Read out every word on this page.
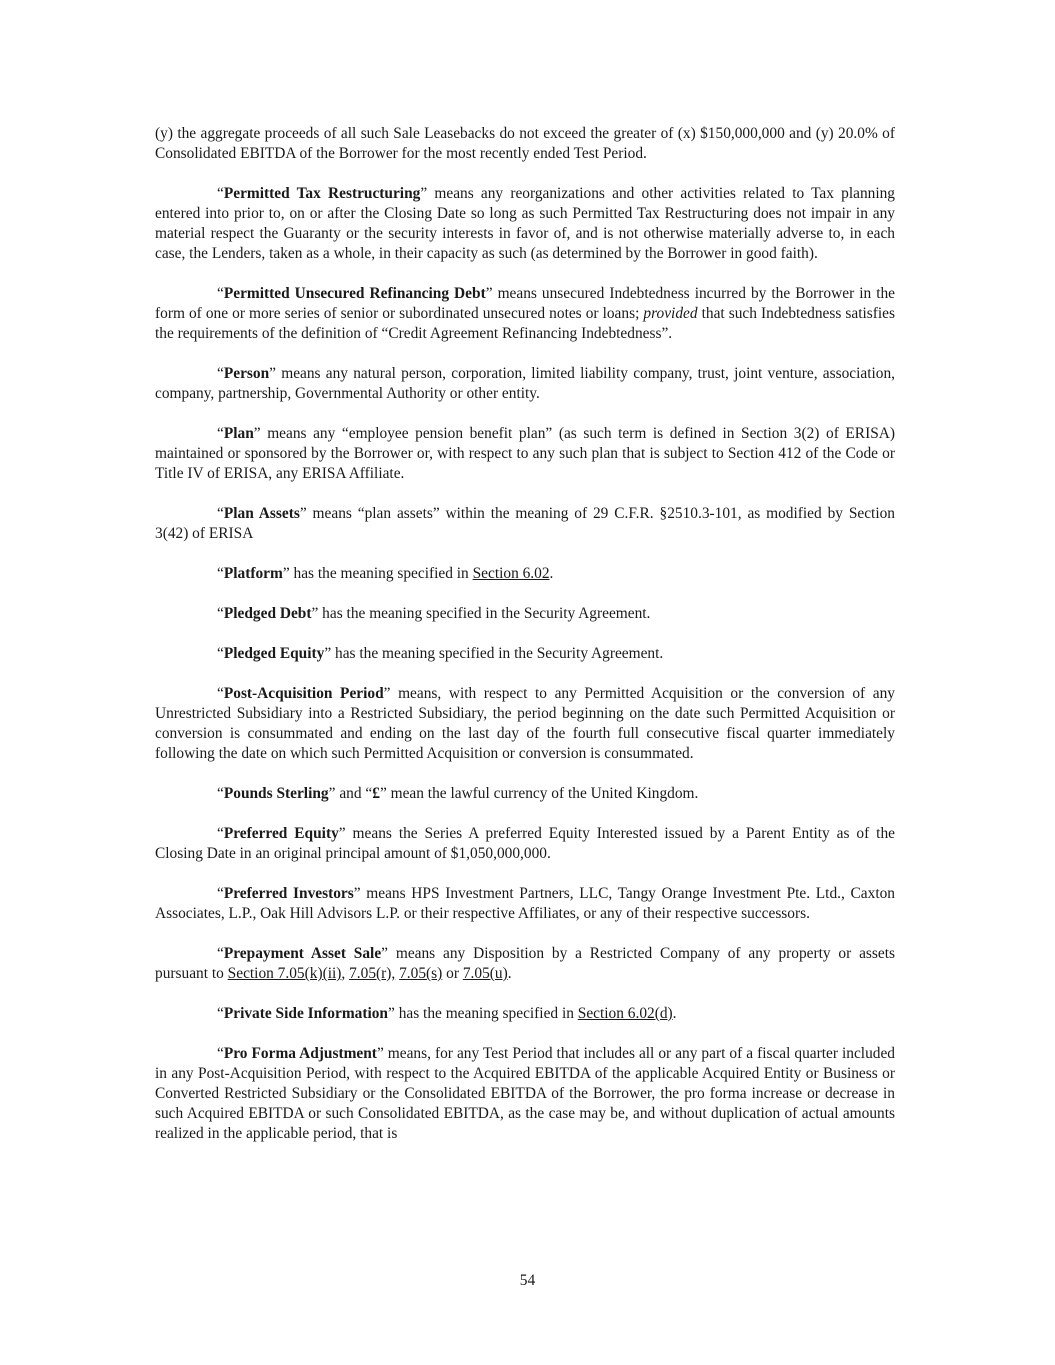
(y) the aggregate proceeds of all such Sale Leasebacks do not exceed the greater of (x) $150,000,000 and (y) 20.0% of Consolidated EBITDA of the Borrower for the most recently ended Test Period.

“Permitted Tax Restructuring” means any reorganizations and other activities related to Tax planning entered into prior to, on or after the Closing Date so long as such Permitted Tax Restructuring does not impair in any material respect the Guaranty or the security interests in favor of, and is not otherwise materially adverse to, in each case, the Lenders, taken as a whole, in their capacity as such (as determined by the Borrower in good faith).

“Permitted Unsecured Refinancing Debt” means unsecured Indebtedness incurred by the Borrower in the form of one or more series of senior or subordinated unsecured notes or loans; provided that such Indebtedness satisfies the requirements of the definition of “Credit Agreement Refinancing Indebtedness”.

“Person” means any natural person, corporation, limited liability company, trust, joint venture, association, company, partnership, Governmental Authority or other entity.

“Plan” means any “employee pension benefit plan” (as such term is defined in Section 3(2) of ERISA) maintained or sponsored by the Borrower or, with respect to any such plan that is subject to Section 412 of the Code or Title IV of ERISA, any ERISA Affiliate.

“Plan Assets” means “plan assets” within the meaning of 29 C.F.R. §2510.3-101, as modified by Section 3(42) of ERISA

“Platform” has the meaning specified in Section 6.02.

“Pledged Debt” has the meaning specified in the Security Agreement.

“Pledged Equity” has the meaning specified in the Security Agreement.

“Post-Acquisition Period” means, with respect to any Permitted Acquisition or the conversion of any Unrestricted Subsidiary into a Restricted Subsidiary, the period beginning on the date such Permitted Acquisition or conversion is consummated and ending on the last day of the fourth full consecutive fiscal quarter immediately following the date on which such Permitted Acquisition or conversion is consummated.

“Pounds Sterling” and “£” mean the lawful currency of the United Kingdom.

“Preferred Equity” means the Series A preferred Equity Interested issued by a Parent Entity as of the Closing Date in an original principal amount of $1,050,000,000.

“Preferred Investors” means HPS Investment Partners, LLC, Tangy Orange Investment Pte. Ltd., Caxton Associates, L.P., Oak Hill Advisors L.P. or their respective Affiliates, or any of their respective successors.

“Prepayment Asset Sale” means any Disposition by a Restricted Company of any property or assets pursuant to Section 7.05(k)(ii), 7.05(r), 7.05(s) or 7.05(u).

“Private Side Information” has the meaning specified in Section 6.02(d).

“Pro Forma Adjustment” means, for any Test Period that includes all or any part of a fiscal quarter included in any Post-Acquisition Period, with respect to the Acquired EBITDA of the applicable Acquired Entity or Business or Converted Restricted Subsidiary or the Consolidated EBITDA of the Borrower, the pro forma increase or decrease in such Acquired EBITDA or such Consolidated EBITDA, as the case may be, and without duplication of actual amounts realized in the applicable period, that is

54
